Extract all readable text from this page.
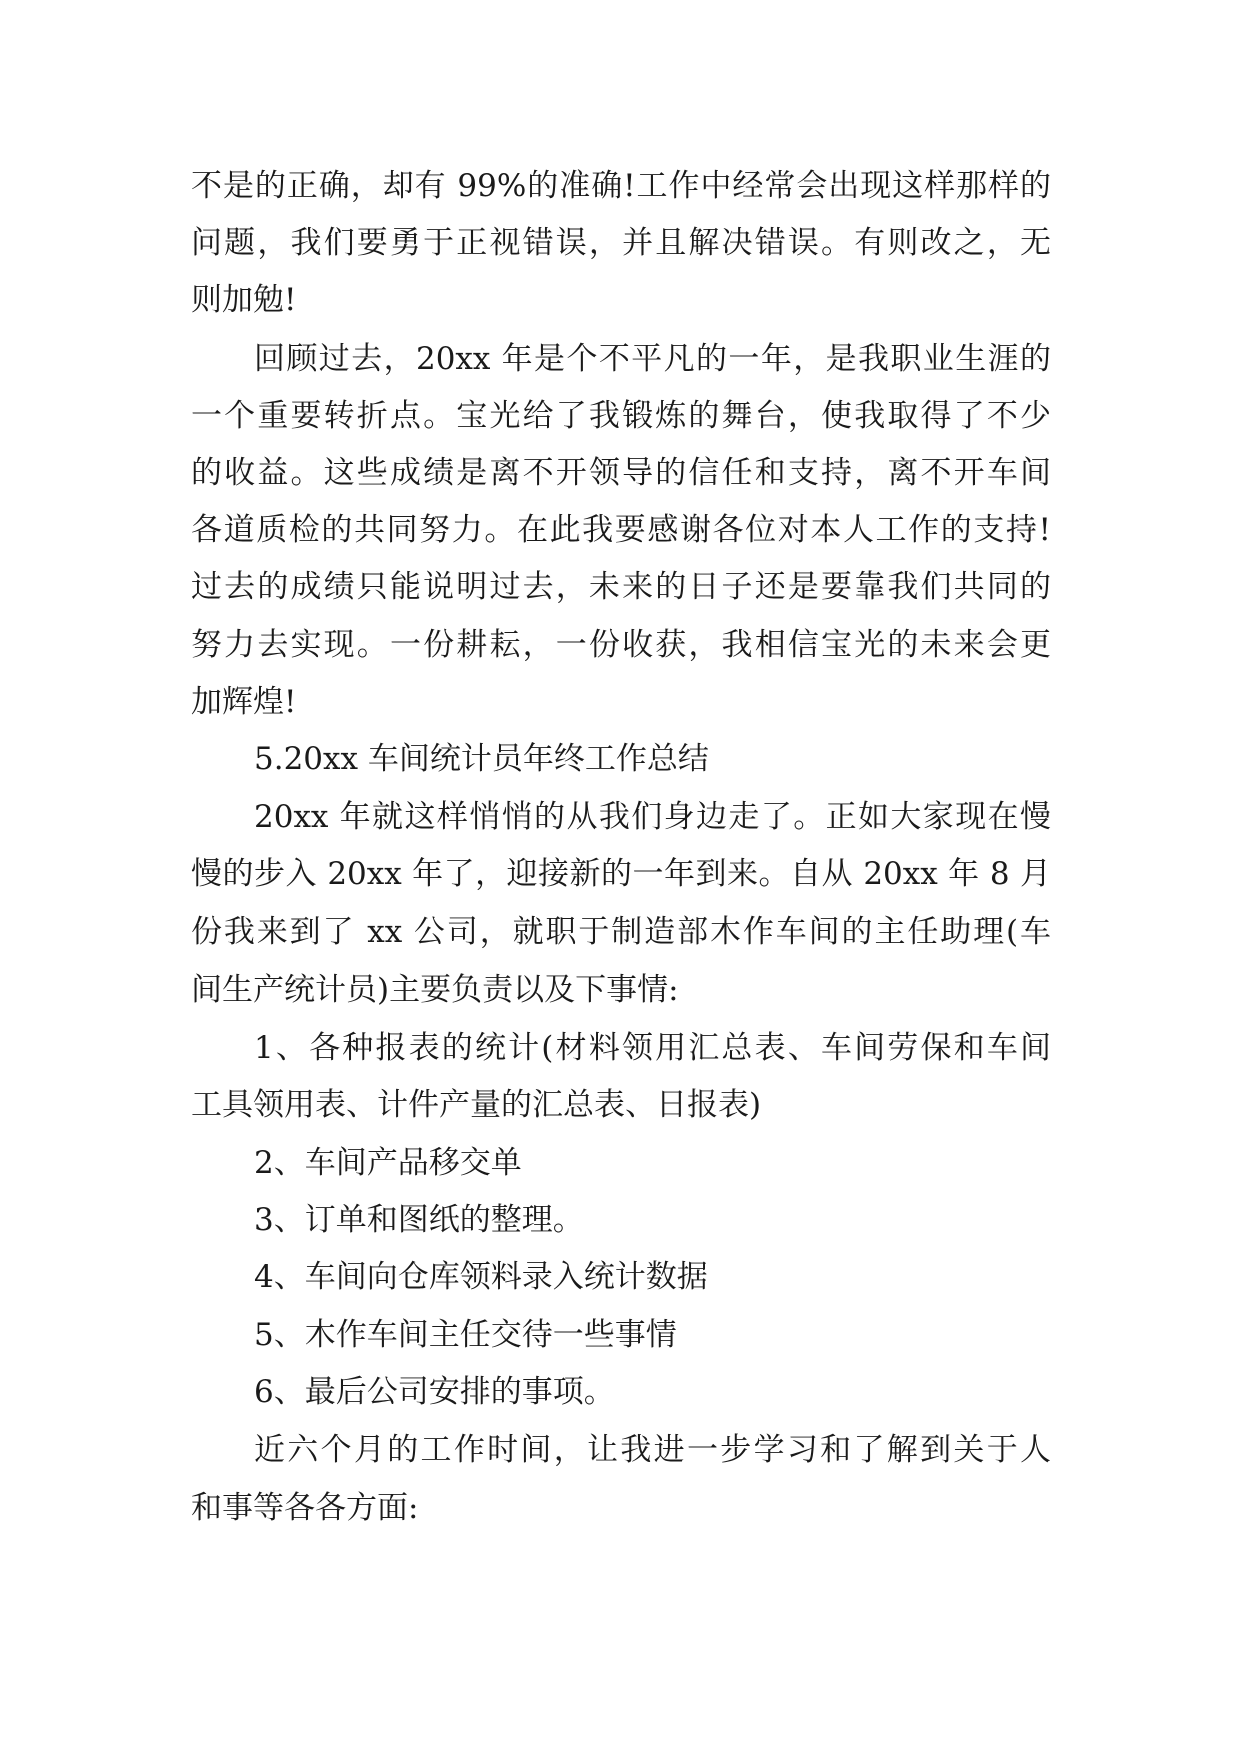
不是的正确，却有 99%的准确!工作中经常会出现这样那样的
问题，我们要勇于正视错误，并且解决错误。有则改之，无
则加勉!
回顾过去，20xx 年是个不平凡的一年，是我职业生涯的
一个重要转折点。宝光给了我锻炼的舞台，使我取得了不少
的收益。这些成绩是离不开领导的信任和支持，离不开车间
各道质检的共同努力。在此我要感谢各位对本人工作的支持!
过去的成绩只能说明过去，未来的日子还是要靠我们共同的
努力去实现。一份耕耘，一份收获，我相信宝光的未来会更
加辉煌!
5.20xx 车间统计员年终工作总结
20xx 年就这样悄悄的从我们身边走了。正如大家现在慢
慢的步入 20xx 年了，迎接新的一年到来。自从 20xx 年 8 月
份我来到了 xx 公司，就职于制造部木作车间的主任助理(车
间生产统计员)主要负责以及下事情:
1、各种报表的统计(材料领用汇总表、车间劳保和车间
工具领用表、计件产量的汇总表、日报表)
2、车间产品移交单
3、订单和图纸的整理。
4、车间向仓库领料录入统计数据
5、木作车间主任交待一些事情
6、最后公司安排的事项。
近六个月的工作时间，让我进一步学习和了解到关于人
和事等各各方面:
